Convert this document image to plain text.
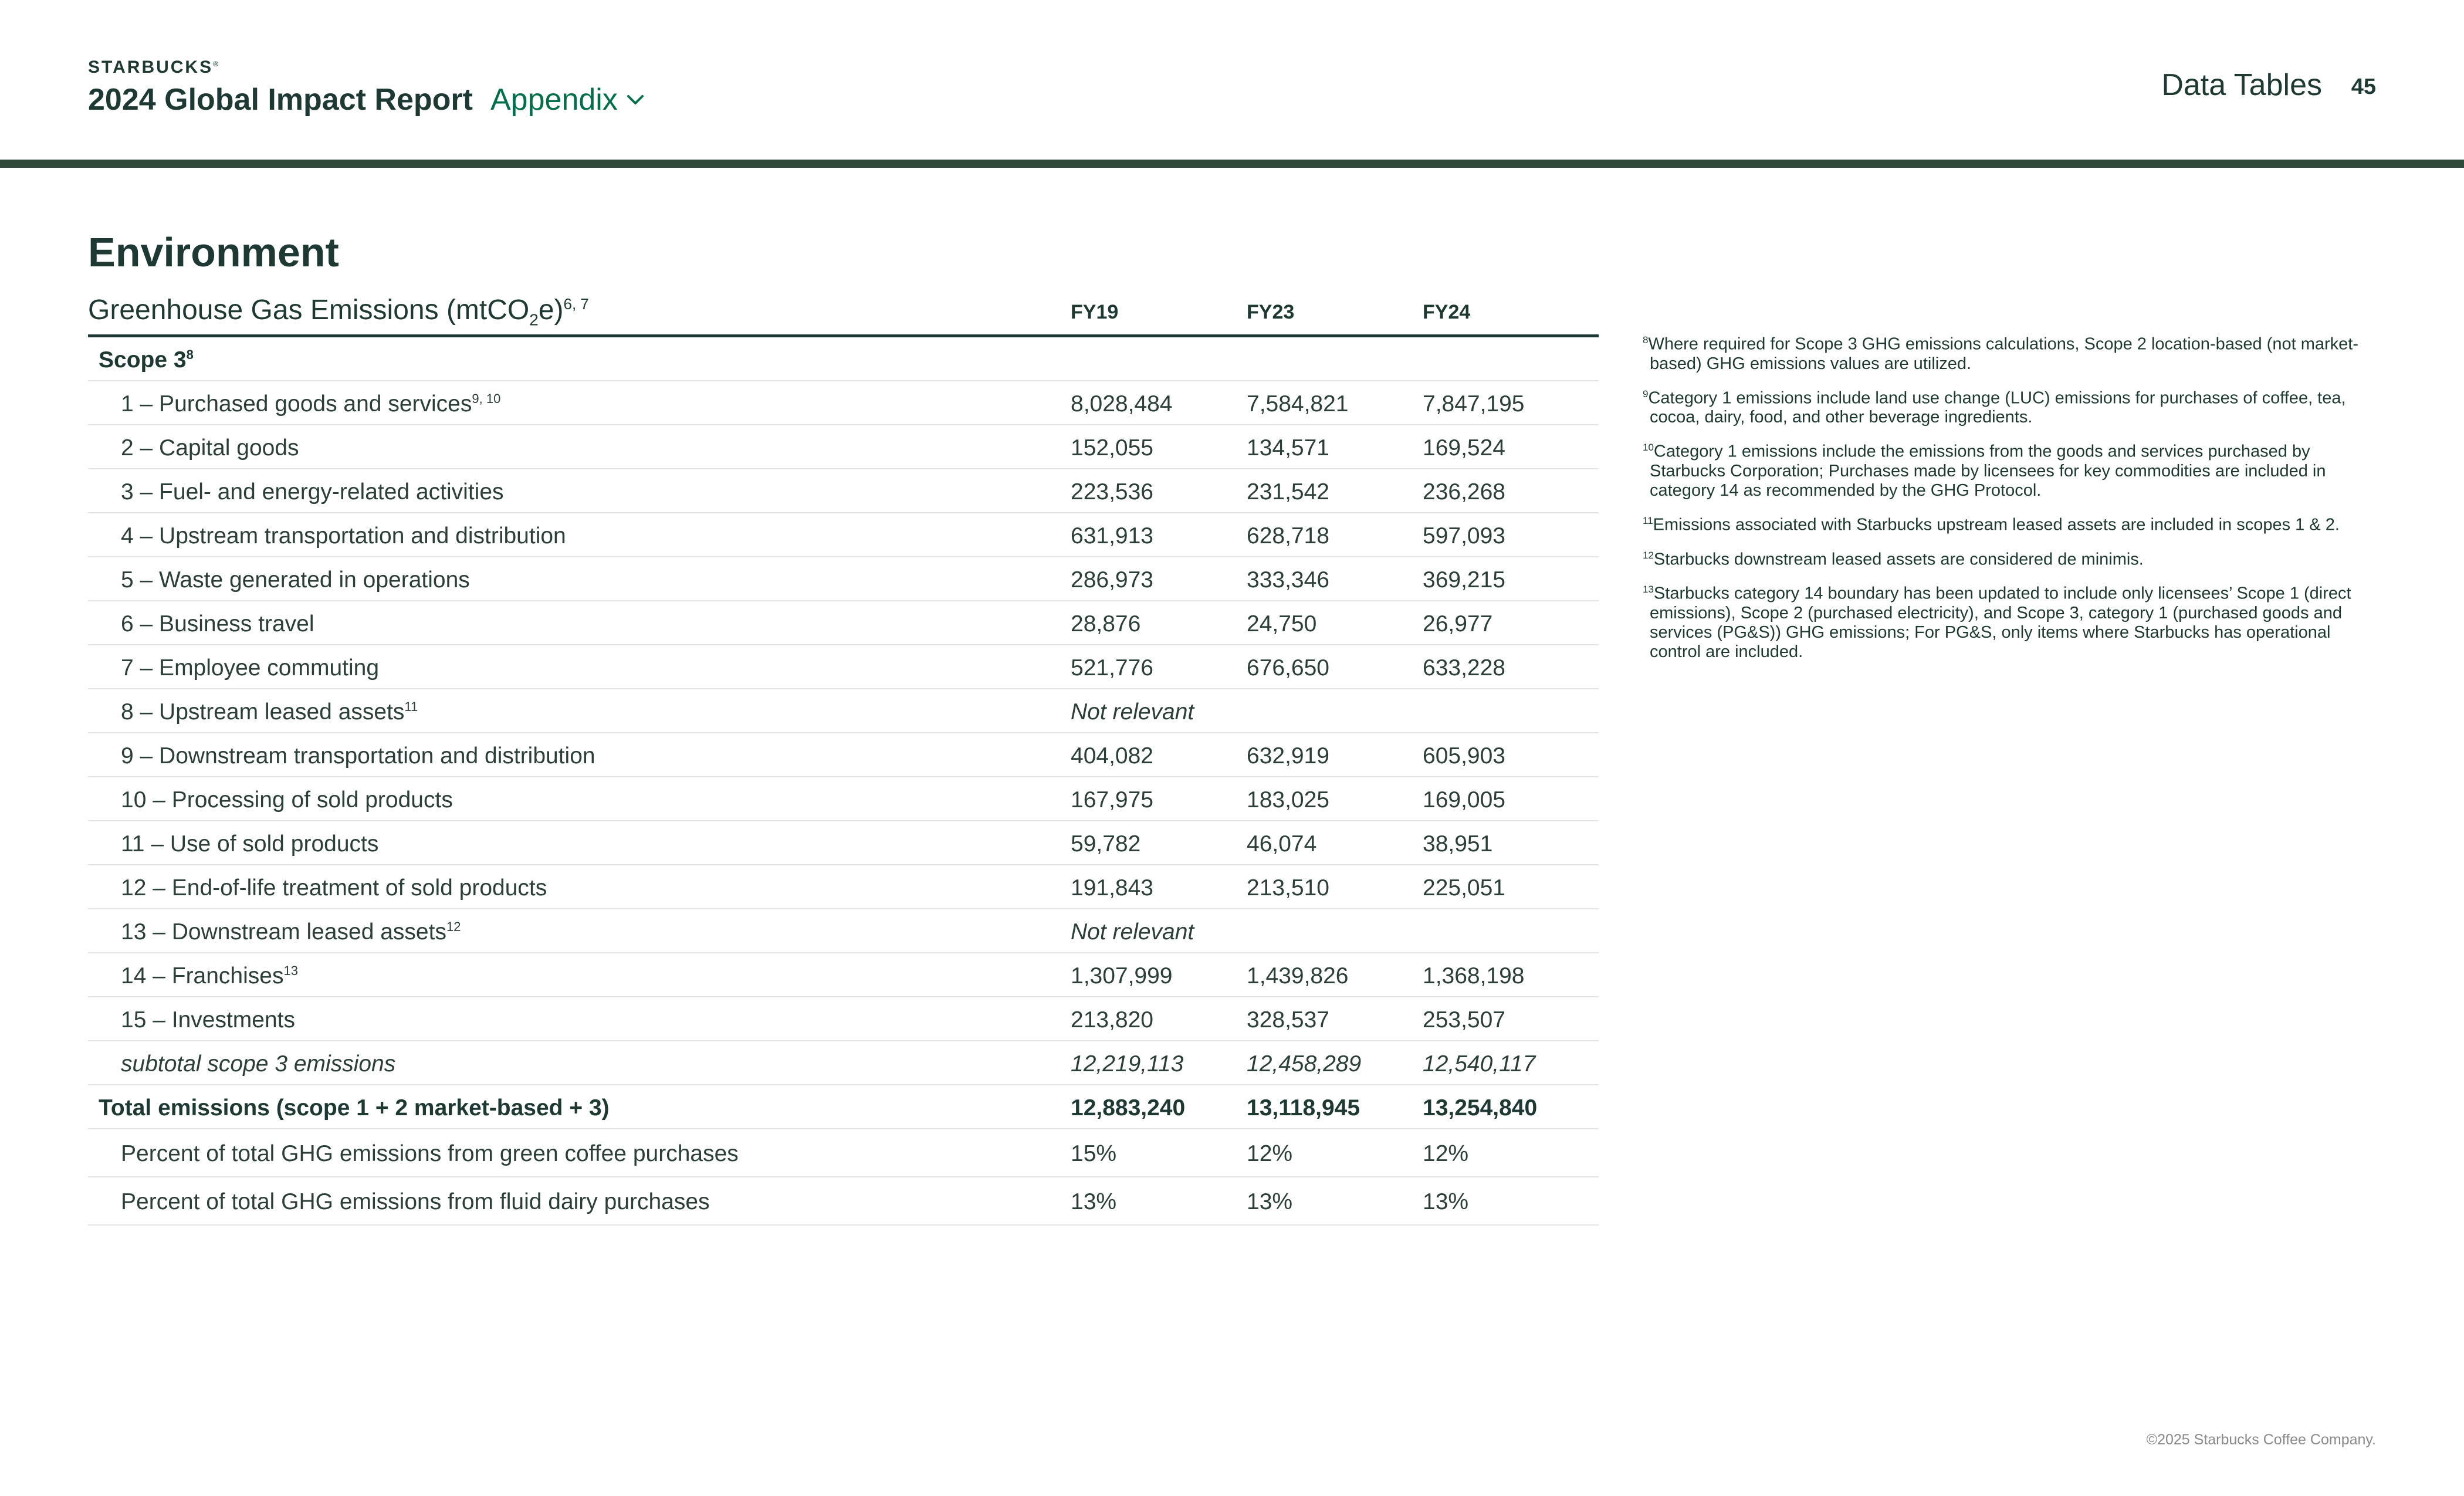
STARBUCKS®
2024 Global Impact Report Appendix	Data Tables 45
Environment
Greenhouse Gas Emissions (mtCO$_2$e)$^{6, 7}$	FY19	FY23	FY24
Scope $3^8$
1 – Purchased goods and services$^{9, 10}$	8,028,484	7,584,821	7,847,195
2 – Capital goods	152,055	134,571	169,524
3 – Fuel- and energy-related activities	223,536	231,542	236,268
4 – Upstream transportation and distribution	631,913	628,718	597,093
5 – Waste generated in operations	286,973	333,346	369,215
6 – Business travel	28,876	24,750	26,977
7 – Employee commuting	521,776	676,650	633,228
8 – Upstream leased assets$^{11}$	Not relevant
9 – Downstream transportation and distribution	404,082	632,919	605,903
10 – Processing of sold products	167,975	183,025	169,005
11 – Use of sold products	59,782	46,074	38,951
12 – End-of-life treatment of sold products	191,843	213,510	225,051
13 – Downstream leased assets$^{12}$	Not relevant
14 – Franchises$^{13}$	1,307,999	1,439,826	1,368,198
15 – Investments	213,820	328,537	253,507
subtotal scope 3 emissions	12,219,113	12,458,289	12,540,117
Total emissions (scope 1 + 2 market-based + 3)	12,883,240	13,118,945	13,254,840
Percent of total GHG emissions from green coffee purchases	15%	12%	12%
Percent of total GHG emissions from fluid dairy purchases	13%	13%	13%
$^8$Where required for Scope 3 GHG emissions calculations, Scope 2 location-based (not market-based) GHG emissions values are utilized.
$^9$Category 1 emissions include land use change (LUC) emissions for purchases of coffee, tea, cocoa, dairy, food, and other beverage ingredients.
$^{10}$Category 1 emissions include the emissions from the goods and services purchased by Starbucks Corporation; Purchases made by licensees for key commodities are included in category 14 as recommended by the GHG Protocol.
$^{11}$Emissions associated with Starbucks upstream leased assets are included in scopes 1 & 2.
$^{12}$Starbucks downstream leased assets are considered de minimis.
$^{13}$Starbucks category 14 boundary has been updated to include only licensees’ Scope 1 (direct emissions), Scope 2 (purchased electricity), and Scope 3, category 1 (purchased goods and services (PG&S)) GHG emissions; For PG&S, only items where Starbucks has operational control are included.
©2025 Starbucks Coffee Company.
